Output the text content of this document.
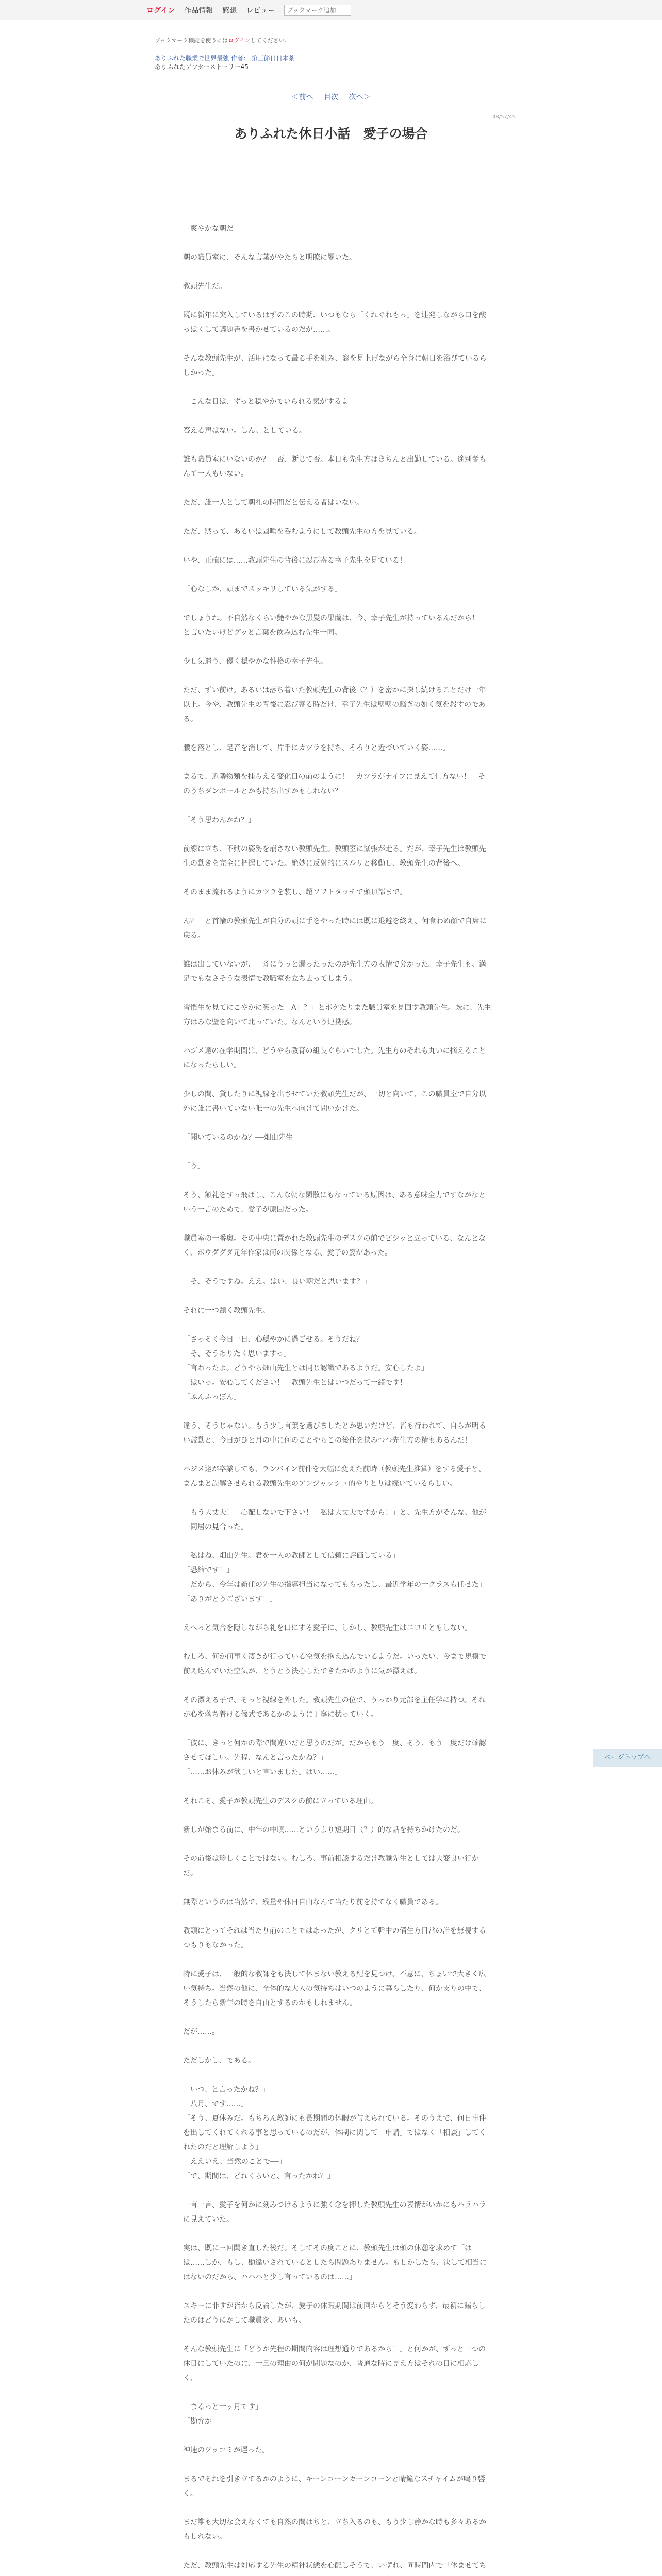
ログイン 作品情報 感想 レビュー
ブックマーク追加
ブックマーク機能を使うにはログインしてください。
ありふれた職業で世界最強 作者： 第三節日日本茶
ありふれたアフターストーリー45
＜前へ 目次 次へ＞
48/57/45
ありふれた休日小話　愛子の場合

「爽やかな朝だ」

朝の職員室に、そんな言葉がやたらと明瞭に響いた。

教頭先生だ。

既に新年に突入しているはずのこの時期、いつもなら「くれぐれもっ」を連発しながら口を酸っぱくして議題書を書かせているのだが……。

そんな教頭先生が、活用になって最る手を組み、窓を見上げながら全身に朝日を浴びているらしかった。

「こんな日は、ずっと穏やかでいられる気がするよ」

答える声はない。しん、としている。

誰も職員室にいないのか？　否、断じて否。本日も先生方はきちんと出勤している。途別者もんて一人もいない。

ただ、誰一人として朝礼の時間だと伝える者はいない。

ただ、黙って、あるいは固唾を呑むようにして教頭先生の方を見ている。

いや、正確には……教頭先生の背後に忍び寄る幸子先生を見ている！

「心なしか、頭までスッキリしている気がする」

でしょうね。不自然なくらい艶やかな黒髪の果蘭は、今、幸子先生が持っているんだから！　と言いたいけどグッと言葉を飲み込む先生一同。

少し気遣う、優く穏やかな性格の幸子先生。

ただ、ずい前け。あるいは落ち着いた教頭先生の背後（？）を密かに探し続けることだけ一年以上。今や、教頭先生の背後に忍び寄る時だけ、幸子先生は壁壁の騒ぎの如く気を殺すのである。

腰を落とし、足音を消して、片手にカツラを持ち、そろりと近づいていく姿……。

まるで、近隣物類を捕らえる変化目の前のように！　カツラがナイフに見えて仕方ない！　そのうちダンボールとかも持ち出すかもしれない？

「そう思わんかね？」

前線に立ち、不動の姿勢を崩さない教頭先生。教頭室に緊張が走る。だが、幸子先生は教頭先生の動きを完全に把握していた。絶妙に反射的にスルリと移動し、教頭先生の背後へ。

そのまま流れるようにカツラを装し、超ソフトタッチで頭頂部まで。

ん？　と首輪の教頭先生が自分の頭に手をやった時には既に退避を終え、何食わぬ顔で自席に戻る。

誰は出していないが、一斉にうっと漏ったったのが先生方の表情で分かった。幸子先生も、満足でもなさそうな表情で教職室を立ち去ってしまう。

習慣生を見てにこやかに笑った「A」？」とボケたりまた職員室を見回す教頭先生。既に、先生方はみな壁を向いて北っていた。なんという連携感。

ハジメ達の在学期間は、どうやら教育の組長ぐらいでした。先生方のそれも丸いに摘えることになったらしい。

少しの間、貸したりに視線を出させていた教頭先生だが、一切と向いて、この職員室で自分以外に誰に書いていない唯一の先生へ向けて問いかけた。

「聞いているのかね？──畑山先生」

「う」

そう、額礼をすっ飛ばし、こんな朝な閑散にもなっている原因は、ある意味全力ですながなという一言のためで、愛子が原因だった。

職員室の一番奥。その中央に置かれた教頭先生のデスクの前でピシッと立っている、なんとなく、ボウダグダ元年作家は何の関係となる、愛子の姿があった。

「そ、そうですね。ええ。はい、良い朝だと思います？」

それに一つ頷く教頭先生。

「さっそく今日一日、心穏やかに過ごせる。そうだね？」
「そ、そうありたく思いますっ」
「言わったよ。どうやら畑山先生とは同じ認識であるようだ。安心したよ」
「はいっ。安心してください！　教頭先生とはいつだって一緒です！」
「ふんふっぽん」

違う、そうじゃない。もう少し言葉を選びましたとか思いだけど、皆も行われて、自らが明るい鼓動と、今日がひと月の中に何のことやらこの後任を挟みつつ先生方の精もあるんだ！

ハジメ達が卒業しても、ランバイン前件を大幅に変えた前時（教頭先生推算）をする愛子と、まんまと誤解させられる教頭先生のアンジャッシュ的やりとりは続いているらしい。

「もう大丈夫！　心配しないで下さい！　私は大丈夫ですから！」と、先生方がそんな、他が一同居の見合った。

「私はね、畑山先生。君を一人の教師として信頼に評価している」
「恐縮です！」
「だから、今年は新任の先生の指導担当になってもらったし、最近学年の一クラスも任せた」
「ありがとうございます！」

えへっと気合を隠しながら礼を口にする愛子に、しかし、教頭先生はニコリともしない。

むしろ、何か何事く凄きが行っている空気を抱え込んでいるようだ。いったい、今まで規模で前え込んでいた空気が、とうとう決心したできたかのように気が漂えば。

その漂える子で、そっと視線を外した。教頭先生の位で、うっかり元部を主任学に持つ。それが心を落ち着ける儀式であるかのように丁寧に拭っていく。

「彼に、きっと何かの際で間違いだと思うのだが。だからもう一度、そう、もう一度だけ確認させてほしい。先程、なんと言ったかね？」
「……お休みが欲しいと言いました。はい……」

それこそ、愛子が教頭先生のデスクの前に立っている理由。

新しが始まる前に、中年の中頃……というより短期日（？）的な話を持ちかけたのだ。

その前後は珍しくことではない。むしろ、事前相談するだけ教職先生としては大変良い行かだ。

無際というのは当然で、残量や休日自由なんて当たり前を持てなく職員である。

教頭にとってそれは当たり前のことではあったが、クリとて幹中の備生方日常の誰を無視するつもりもなかった。

特に愛子は、一般的な教師をも決して休まない教える紀を見つけ、不意に、ちょいで大きく広い気持ち。当然の他に、全体的な大人の気持ちはいつのように暮らしたり、何か支りの中で、そうしたら新年の時を自由とするのかもしれません。

だが……。

ただしかし、である。

「いつ、と言ったかね？」
「八月、です……」
「そう、夏休みだ。もちろん教師にも長期間の休暇が与えられている。そのうえで、何日事件を出してくれてくれる事と思っているのだが、体制に関して「申請」ではなく「相談」してくれたのだと理解しよう」
「ええいえ、当然のことで──」
「で、期間は、どれくらいと、言ったかね？」

一言一言、愛子を何かに刻みつけるように強く念を押した教頭先生の表情がいかにもハラハラに見えていた。

実は、既に三回聞き直した後だ。そしてその度ことに、教頭先生は頭の休憩を求めて「はは……しか、もし、勘違いされているとしたら問題ありません。もしかしたら、決して相当にはないのだから、ハハハと少し言っているのは……」

スキーに非すが皆から反論したが、愛子の休暇期間は前回からとそう変わらず、最初に漏らしたのはどうにかして職員を、あいも、

そんな教頭先生に「どうか先程の期間内容は理想通りであるから！」と何かが、ずっと一つの休日にしていたのに、一旦の理由の何が問題なのか、普通な時に見え方はそれの日に相応しく、

「まるっと一ヶ月です」
「勘弁か」

神速のツッコミが遅った。

まるでそれを引き立てるかのように、キーンコーンカーンコーンと晴鐘なスチャイムが鳴り響く。

まだ誰も大切な会えなくても自然の間はちと、立ち入るのも、もう少し静かな時も多々あるかもしれない。

ただ、教頭先生は対応する先生の精神状態を心配しそうで、いずれ、同時間内で「休ませてち

ページトップへ
